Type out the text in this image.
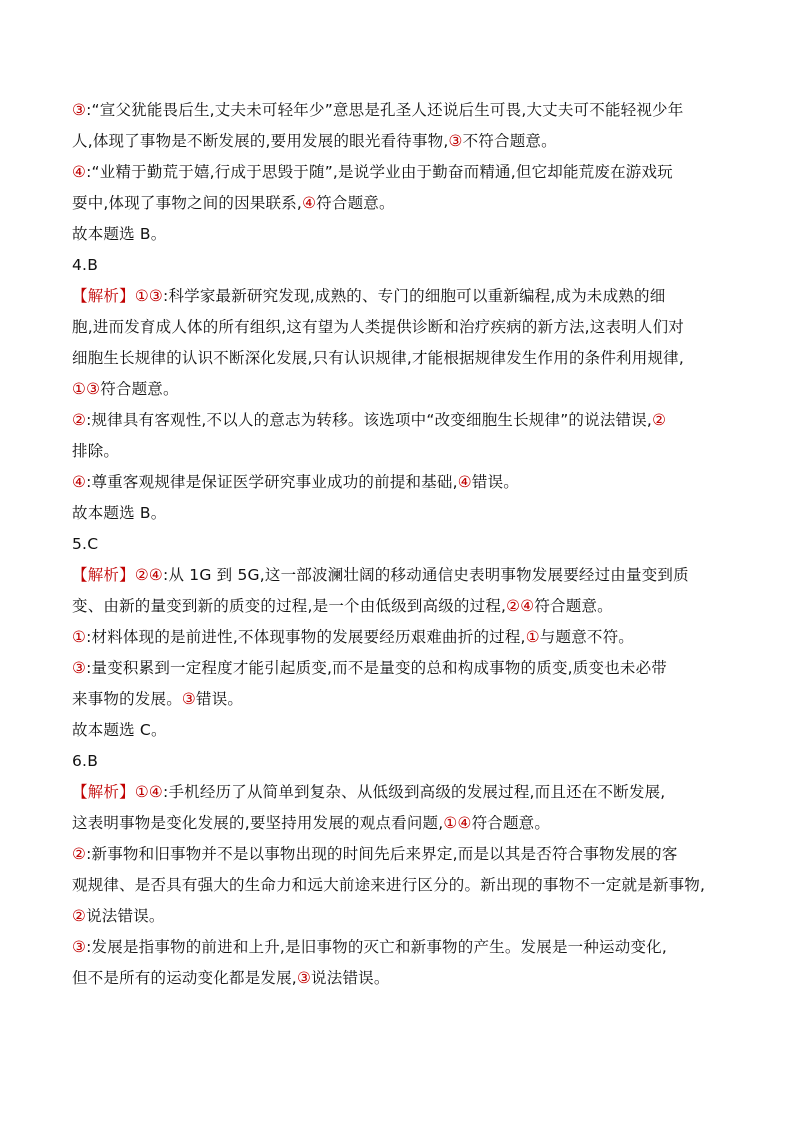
③:“宣父犹能畏后生,丈夫未可轻年少”意思是孔圣人还说后生可畏,大丈夫可不能轻视少年
人,体现了事物是不断发展的,要用发展的眼光看待事物,③不符合题意。
④:“业精于勤荒于嬉,行成于思毁于随”,是说学业由于勤奋而精通,但它却能荒废在游戏玩
耍中,体现了事物之间的因果联系,④符合题意。
故本题选 B。
4.B
【解析】①③:科学家最新研究发现,成熟的、专门的细胞可以重新编程,成为未成熟的细
胞,进而发育成人体的所有组织,这有望为人类提供诊断和治疗疾病的新方法,这表明人们对
细胞生长规律的认识不断深化发展,只有认识规律,才能根据规律发生作用的条件利用规律,
①③符合题意。
②:规律具有客观性,不以人的意志为转移。该选项中“改变细胞生长规律”的说法错误,②
排除。
④:尊重客观规律是保证医学研究事业成功的前提和基础,④错误。
故本题选 B。
5.C
【解析】②④:从 1G 到 5G,这一部波澜壮阔的移动通信史表明事物发展要经过由量变到质
变、由新的量变到新的质变的过程,是一个由低级到高级的过程,②④符合题意。
①:材料体现的是前进性,不体现事物的发展要经历艰难曲折的过程,①与题意不符。
③:量变积累到一定程度才能引起质变,而不是量变的总和构成事物的质变,质变也未必带
来事物的发展。③错误。
故本题选 C。
6.B
【解析】①④:手机经历了从简单到复杂、从低级到高级的发展过程,而且还在不断发展,
这表明事物是变化发展的,要坚持用发展的观点看问题,①④符合题意。
②:新事物和旧事物并不是以事物出现的时间先后来界定,而是以其是否符合事物发展的客
观规律、是否具有强大的生命力和远大前途来进行区分的。新出现的事物不一定就是新事物,
②说法错误。
③:发展是指事物的前进和上升,是旧事物的灭亡和新事物的产生。发展是一种运动变化,
但不是所有的运动变化都是发展,③说法错误。
